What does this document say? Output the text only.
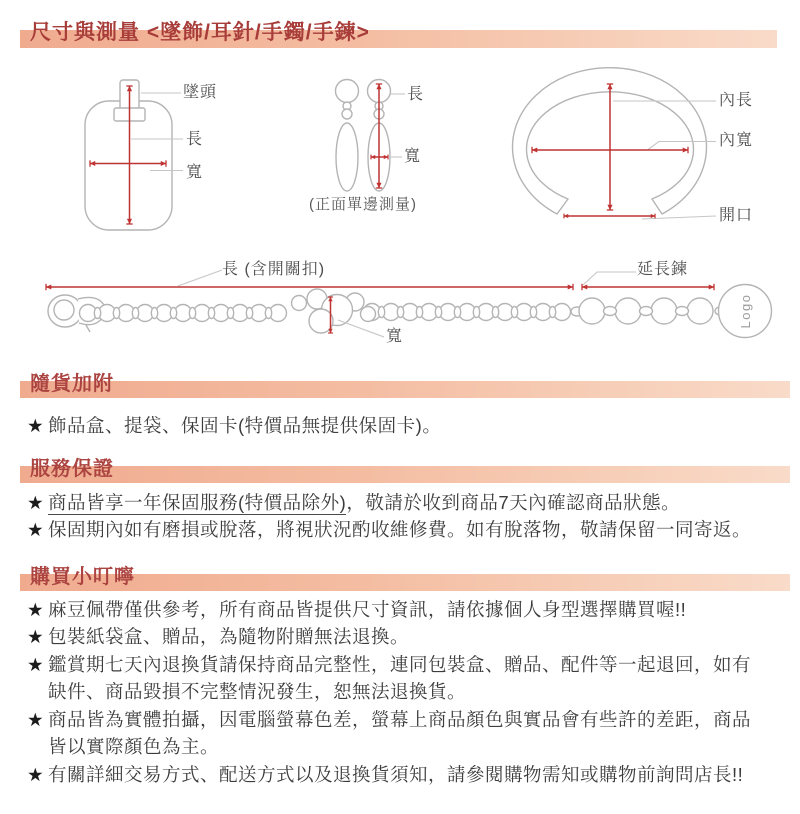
尺寸與測量 <墜飾/耳針/手鐲/手鍊>
墜頭
長
寬
長
寬
(正面單邊測量)
內長
內寬
開口
長 (含開關扣)	延長鍊
寬
Logo
隨貨加附

★ 飾品盒、提袋、保固卡(特價品無提供保固卡)。

服務保證

★ 商品皆享一年保固服務(特價品除外)，敬請於收到商品7天內確認商品狀態。

★ 保固期內如有磨損或脫落，將視狀況酌收維修費。如有脫落物，敬請保留一同寄返。

購買小叮嚀

★ 麻豆佩帶僅供參考，所有商品皆提供尺寸資訊，請依據個人身型選擇購買喔!!

★ 包裝紙袋盒、贈品，為隨物附贈無法退換。

★ 鑑賞期七天內退換貨請保持商品完整性，連同包裝盒、贈品、配件等一起退回，如有
缺件、商品毀損不完整情況發生，恕無法退換貨。

★ 商品皆為實體拍攝，因電腦螢幕色差，螢幕上商品顏色與實品會有些許的差距，商品
皆以實際顏色為主。

★ 有關詳細交易方式、配送方式以及退換貨須知，請參閱購物需知或購物前詢問店長!!
